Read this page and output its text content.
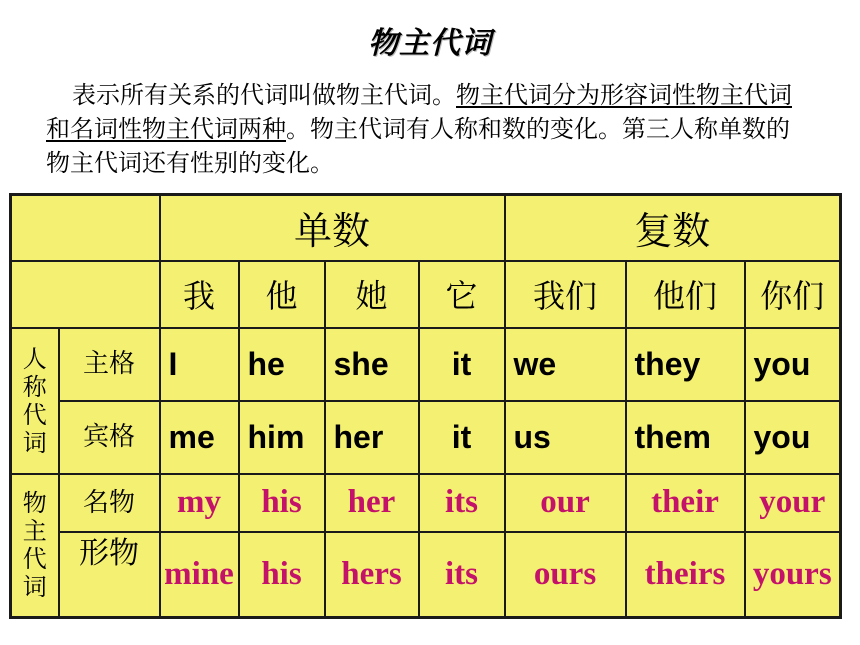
物主代词
表示所有关系的代词叫做物主代词。物主代词分为形容词性物主代词和名词性物主代词两种。物主代词有人称和数的变化。第三人称单数的物主代词还有性别的变化。
		单数				复数		
		我	他	她	它	我们	他们	你们

人
称
代
词	主格	I	he	she	it	we	they	you
	宾格	me	him	her	it	us	them	you

物
主
代
词	名物	my	his	her	its	our	their	your
	形物	mine	his	hers	its	ours	theirs	yours
